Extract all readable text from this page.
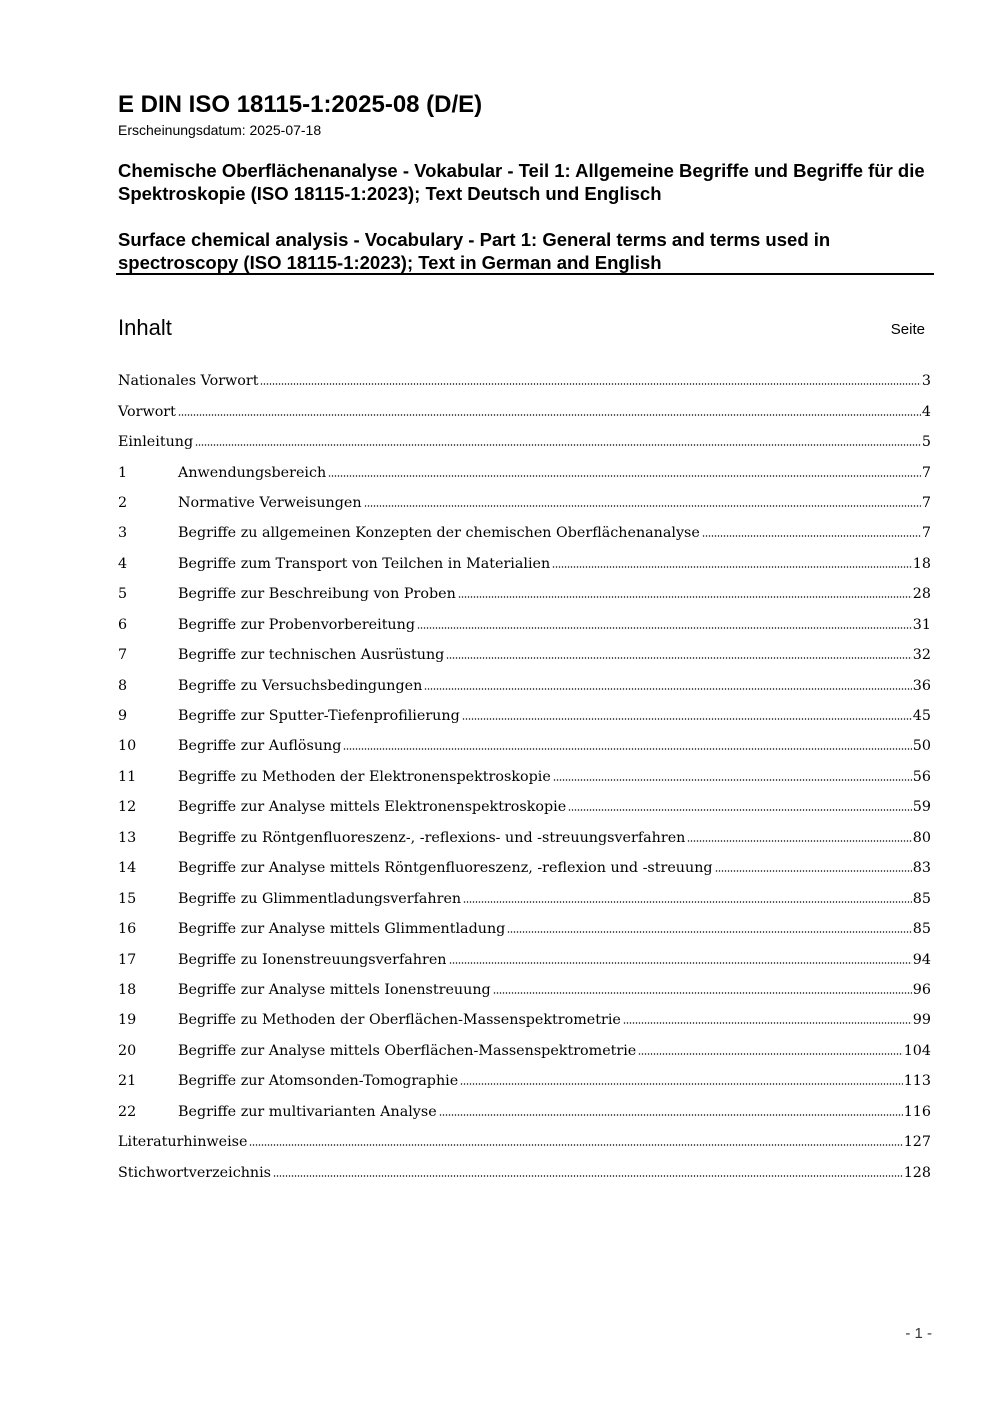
E DIN ISO 18115-1:2025-08 (D/E)
Erscheinungsdatum: 2025-07-18
Chemische Oberflächenanalyse - Vokabular - Teil 1: Allgemeine Begriffe und Begriffe für die Spektroskopie (ISO 18115-1:2023); Text Deutsch und Englisch
Surface chemical analysis - Vocabulary - Part 1: General terms and terms used in spectroscopy (ISO 18115-1:2023); Text in German and English
Inhalt	Seite
Nationales Vorwort	3
Vorwort	4
Einleitung	5
1	Anwendungsbereich	7
2	Normative Verweisungen	7
3	Begriffe zu allgemeinen Konzepten der chemischen Oberflächenanalyse	7
4	Begriffe zum Transport von Teilchen in Materialien	18
5	Begriffe zur Beschreibung von Proben	28
6	Begriffe zur Probenvorbereitung	31
7	Begriffe zur technischen Ausrüstung	32
8	Begriffe zu Versuchsbedingungen	36
9	Begriffe zur Sputter-Tiefenprofilierung	45
10	Begriffe zur Auflösung	50
11	Begriffe zu Methoden der Elektronenspektroskopie	56
12	Begriffe zur Analyse mittels Elektronenspektroskopie	59
13	Begriffe zu Röntgenfluoreszenz-, -reflexions- und -streuungsverfahren	80
14	Begriffe zur Analyse mittels Röntgenfluoreszenz, -reflexion und -streuung	83
15	Begriffe zu Glimmentladungsverfahren	85
16	Begriffe zur Analyse mittels Glimmentladung	85
17	Begriffe zu Ionenstreuungsverfahren	94
18	Begriffe zur Analyse mittels Ionenstreuung	96
19	Begriffe zu Methoden der Oberflächen-Massenspektrometrie	99
20	Begriffe zur Analyse mittels Oberflächen-Massenspektrometrie	104
21	Begriffe zur Atomsonden-Tomographie	113
22	Begriffe zur multivarianten Analyse	116
Literaturhinweise	127
Stichwortverzeichnis	128
- 1 -
